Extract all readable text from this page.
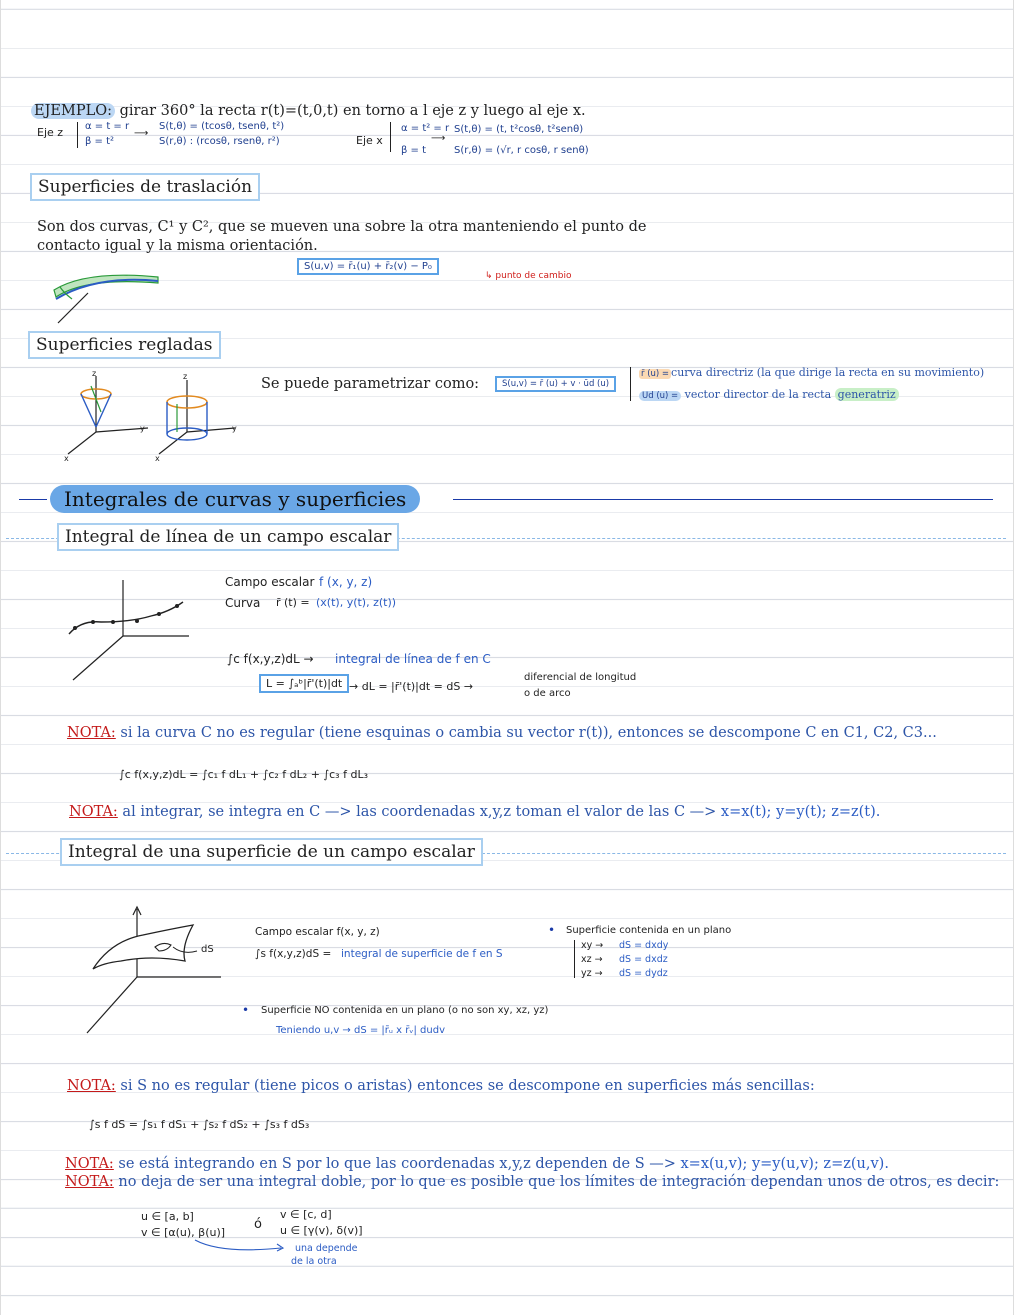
EJEMPLO: girar 360° la recta r(t)=(t,0,t) en torno a l eje z y luego al eje x.
Eje z α = t = r
β = t²
⟶
S(t,θ) = (tcosθ, tsenθ, t²)
S(r,θ) : (rcosθ, rsenθ, r²)	Eje x
α = t² = r
β = t
⟶
S(t,θ) = (t, t²cosθ, t²senθ)
S(r,θ) = (√r, r cosθ, r senθ)
Superficies de traslación
Son dos curvas, C¹ y C², que se mueven una sobre la otra manteniendo el punto de
contacto igual y la misma orientación.
S(u,v) = r̄₁(u) + r̄₂(v) − P₀
↳ punto de cambio
Superficies regladas
z
y
x
z
y
x
Se puede parametrizar como:	S(u,v) = r̄ (u) + v · ūd (u)
r̄ (u) = curva directriz (la que dirige la recta en su movimiento)
Ud (u) = vector director de la recta generatriz
Integrales de curvas y superficies
Integral de línea de un campo escalar
Campo escalar f (x, y, z)
Curva r̄ (t) = (x(t), y(t), z(t))
∫c f(x,y,z)dL → integral de línea de f en C
L = ∫ₐᵇ|r̄'(t)|dt → dL = |r̄'(t)|dt = dS →
diferencial de longitud
o de arco
NOTA: si la curva C no es regular (tiene esquinas o cambia su vector r(t)), entonces se descompone C en C1, C2, C3...
∫c f(x,y,z)dL = ∫c₁ f dL₁ + ∫c₂ f dL₂ + ∫c₃ f dL₃
NOTA: al integrar, se integra en C —> las coordenadas x,y,z toman el valor de las C —> x=x(t); y=y(t); z=z(t).
Integral de una superficie de un campo escalar
dS
Campo escalar f(x, y, z)
∫s f(x,y,z)dS = integral de superficie de f en S
• Superficie contenida en un plano
xy → dS = dxdy
xz → dS = dxdz
yz → dS = dydz
• Superficie NO contenida en un plano (o no son xy, xz, yz)
Teniendo u,v → dS = |r̄ᵤ x r̄ᵥ| dudv
NOTA: si S no es regular (tiene picos o aristas) entonces se descompone en superficies más sencillas:
∫s f dS = ∫s₁ f dS₁ + ∫s₂ f dS₂ + ∫s₃ f dS₃
NOTA: se está integrando en S por lo que las coordenadas x,y,z dependen de S —> x=x(u,v); y=y(u,v); z=z(u,v).
NOTA: no deja de ser una integral doble, por lo que es posible que los límites de integración dependan unos de otros, es decir:
u ∈ [a, b]
v ∈ [α(u), β(u)]
ó
v ∈ [c, d]
u ∈ [γ(v), δ(v)]
una depende
de la otra
